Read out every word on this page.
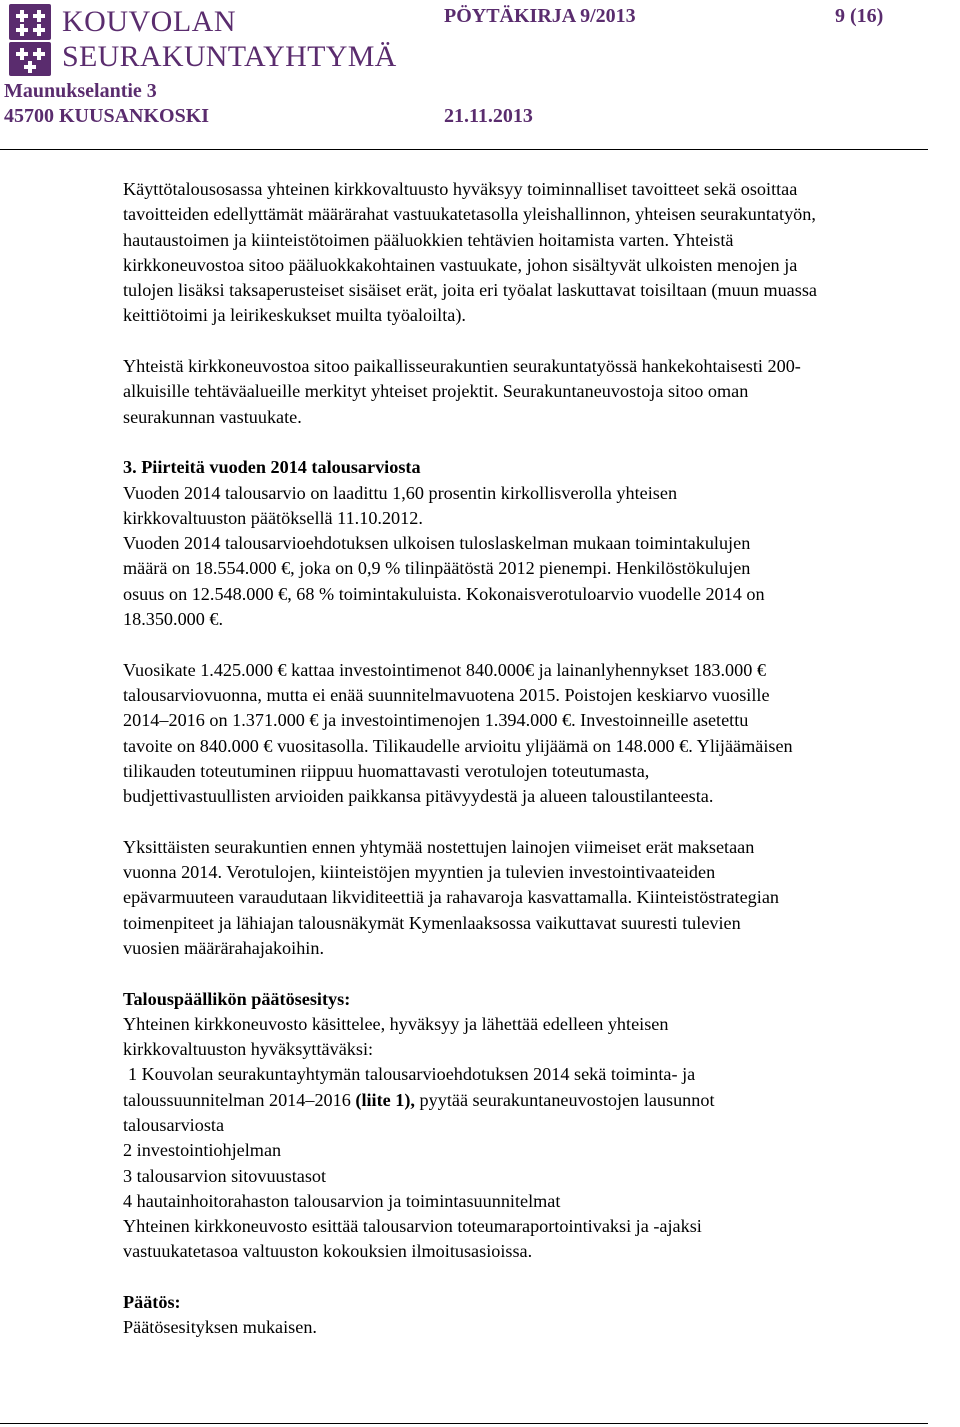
KOUVOLAN
SEURAKUNTAYHTYMÄ
Maunukselantie 3
45700 KUUSANKOSKI
PÖYTÄKIRJA 9/2013	9 (16)
21.11.2013

Käyttötalousosassa yhteinen kirkkovaltuusto hyväksyy toiminnalliset tavoitteet sekä osoittaa

tavoitteiden edellyttämät määrärahat vastuukatetasolla yleishallinnon, yhteisen seurakuntatyön,

hautaustoimen ja kiinteistötoimen pääluokkien tehtävien hoitamista varten. Yhteistä

kirkkoneuvostoa sitoo pääluokkakohtainen vastuukate, johon sisältyvät ulkoisten menojen ja

tulojen lisäksi taksaperusteiset sisäiset erät, joita eri työalat laskuttavat toisiltaan (muun muassa

keittiötoimi ja leirikeskukset muilta työaloilta).

Yhteistä kirkkoneuvostoa sitoo paikallisseurakuntien seurakuntatyössä hankekohtaisesti 200-

alkuisille tehtäväalueille merkityt yhteiset projektit. Seurakuntaneuvostoja sitoo oman

seurakunnan vastuukate.

3. Piirteitä vuoden 2014 talousarviosta

Vuoden 2014 talousarvio on laadittu 1,60 prosentin kirkollisverolla yhteisen

kirkkovaltuuston päätöksellä 11.10.2012.

Vuoden 2014 talousarvioehdotuksen ulkoisen tuloslaskelman mukaan toimintakulujen

määrä on 18.554.000 €, joka on 0,9 % tilinpäätöstä 2012 pienempi. Henkilöstökulujen

osuus on 12.548.000 €, 68 % toimintakuluista. Kokonaisverotuloarvio vuodelle 2014 on

18.350.000 €.

Vuosikate 1.425.000 € kattaa investointimenot 840.000€ ja lainanlyhennykset 183.000 €

talousarviovuonna, mutta ei enää suunnitelmavuotena 2015. Poistojen keskiarvo vuosille

2014–2016 on 1.371.000 € ja investointimenojen 1.394.000 €. Investoinneille asetettu

tavoite on 840.000 € vuositasolla. Tilikaudelle arvioitu ylijäämä on 148.000 €. Ylijäämäisen

tilikauden toteutuminen riippuu huomattavasti verotulojen toteutumasta,

budjettivastuullisten arvioiden paikkansa pitävyydestä ja alueen taloustilanteesta.

Yksittäisten seurakuntien ennen yhtymää nostettujen lainojen viimeiset erät maksetaan

vuonna 2014. Verotulojen, kiinteistöjen myyntien ja tulevien investointivaateiden

epävarmuuteen varaudutaan likviditeettiä ja rahavaroja kasvattamalla. Kiinteistöstrategian

toimenpiteet ja lähiajan talousnäkymät Kymenlaaksossa vaikuttavat suuresti tulevien

vuosien määrärahajakoihin.

Talouspäällikön päätösesitys:

Yhteinen kirkkoneuvosto käsittelee, hyväksyy ja lähettää edelleen yhteisen

kirkkovaltuuston hyväksyttäväksi:

1 Kouvolan seurakuntayhtymän talousarvioehdotuksen 2014 sekä toiminta- ja

taloussuunnitelman 2014–2016 (liite 1), pyytää seurakuntaneuvostojen lausunnot

talousarviosta

2 investointiohjelman

3 talousarvion sitovuustasot

4 hautainhoitorahaston talousarvion ja toimintasuunnitelmat

Yhteinen kirkkoneuvosto esittää talousarvion toteumaraportointivaksi ja -ajaksi

vastuukatetasoa valtuuston kokouksien ilmoitusasioissa.

Päätös:

Päätösesityksen mukaisen.
